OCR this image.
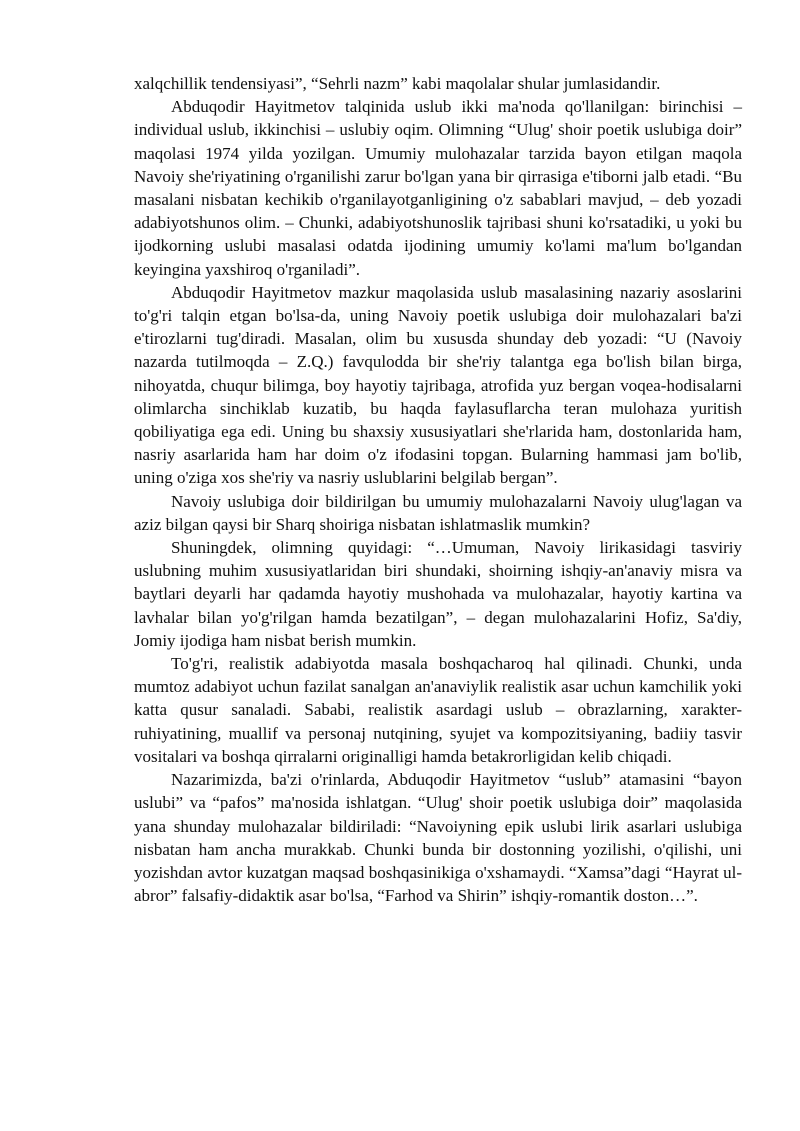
xalqchillik tendensiyasi”, “Sehrli nazm” kabi maqolalar shular jumlasidandir.

Abduqodir Hayitmetov talqinida uslub ikki ma'noda qo'llanilgan: birinchisi – individual uslub, ikkinchisi – uslubiy oqim. Olimning “Ulug' shoir poetik uslubiga doir” maqolasi 1974 yilda yozilgan. Umumiy mulohazalar tarzida bayon etilgan maqola Navoiy she'riyatining o'rganilishi zarur bo'lgan yana bir qirrasiga e'tiborni jalb etadi. “Bu masalani nisbatan kechikib o'rganilayotganligining o'z sabablari mavjud, – deb yozadi adabiyotshunos olim. – Chunki, adabiyotshunoslik tajribasi shuni ko'rsatadiki, u yoki bu ijodkorning uslubi masalasi odatda ijodining umumiy ko'lami ma'lum bo'lgandan keyingina yaxshiroq o'rganiladi”.

Abduqodir Hayitmetov mazkur maqolasida uslub masalasining nazariy asoslarini to'g'ri talqin etgan bo'lsa-da, uning Navoiy poetik uslubiga doir mulohazalari ba'zi e'tirozlarni tug'diradi. Masalan, olim bu xususda shunday deb yozadi: “U (Navoiy nazarda tutilmoqda – Z.Q.) favqulodda bir she'riy talantga ega bo'lish bilan birga, nihoyatda, chuqur bilimga, boy hayotiy tajribaga, atrofida yuz bergan voqea-hodisalarni olimlarcha sinchiklab kuzatib, bu haqda faylasuflarcha teran mulohaza yuritish qobiliyatiga ega edi. Uning bu shaxsiy xususiyatlari she'rlarida ham, dostonlarida ham, nasriy asarlarida ham har doim o'z ifodasini topgan. Bularning hammasi jam bo'lib, uning o'ziga xos she'riy va nasriy uslublarini belgilab bergan”.

Navoiy uslubiga doir bildirilgan bu umumiy mulohazalarni Navoiy ulug'lagan va aziz bilgan qaysi bir Sharq shoiriga nisbatan ishlatmaslik mumkin?

Shuningdek, olimning quyidagi: “…Umuman, Navoiy lirikasidagi tasviriy uslubning muhim xususiyatlaridan biri shundaki, shoirning ishqiy-an'anaviy misra va baytlari deyarli har qadamda hayotiy mushohada va mulohazalar, hayotiy kartina va lavhalar bilan yo'g'rilgan hamda bezatilgan”, – degan mulohazalarini Hofiz, Sa'diy, Jomiy ijodiga ham nisbat berish mumkin.

To'g'ri, realistik adabiyotda masala boshqacharoq hal qilinadi. Chunki, unda mumtoz adabiyot uchun fazilat sanalgan an'anaviylik realistik asar uchun kamchilik yoki katta qusur sanaladi. Sababi, realistik asardagi uslub – obrazlarning, xarakter-ruhiyatining, muallif va personaj nutqining, syujet va kompozitsiyaning, badiiy tasvir vositalari va boshqa qirralarni originalligi hamda betakrorligidan kelib chiqadi.

Nazarimizda, ba'zi o'rinlarda, Abduqodir Hayitmetov “uslub” atamasini “bayon uslubi” va “pafos” ma'nosida ishlatgan. “Ulug' shoir poetik uslubiga doir” maqolasida yana shunday mulohazalar bildiriladi: “Navoiyning epik uslubi lirik asarlari uslubiga nisbatan ham ancha murakkab. Chunki bunda bir dostonning yozilishi, o'qilishi, uni yozishdan avtor kuzatgan maqsad boshqasinikiga o'xshamaydi. “Xamsa”dagi “Hayrat ul-abror” falsafiy-didaktik asar bo'lsa, “Farhod va Shirin” ishqiy-romantik doston…”.
